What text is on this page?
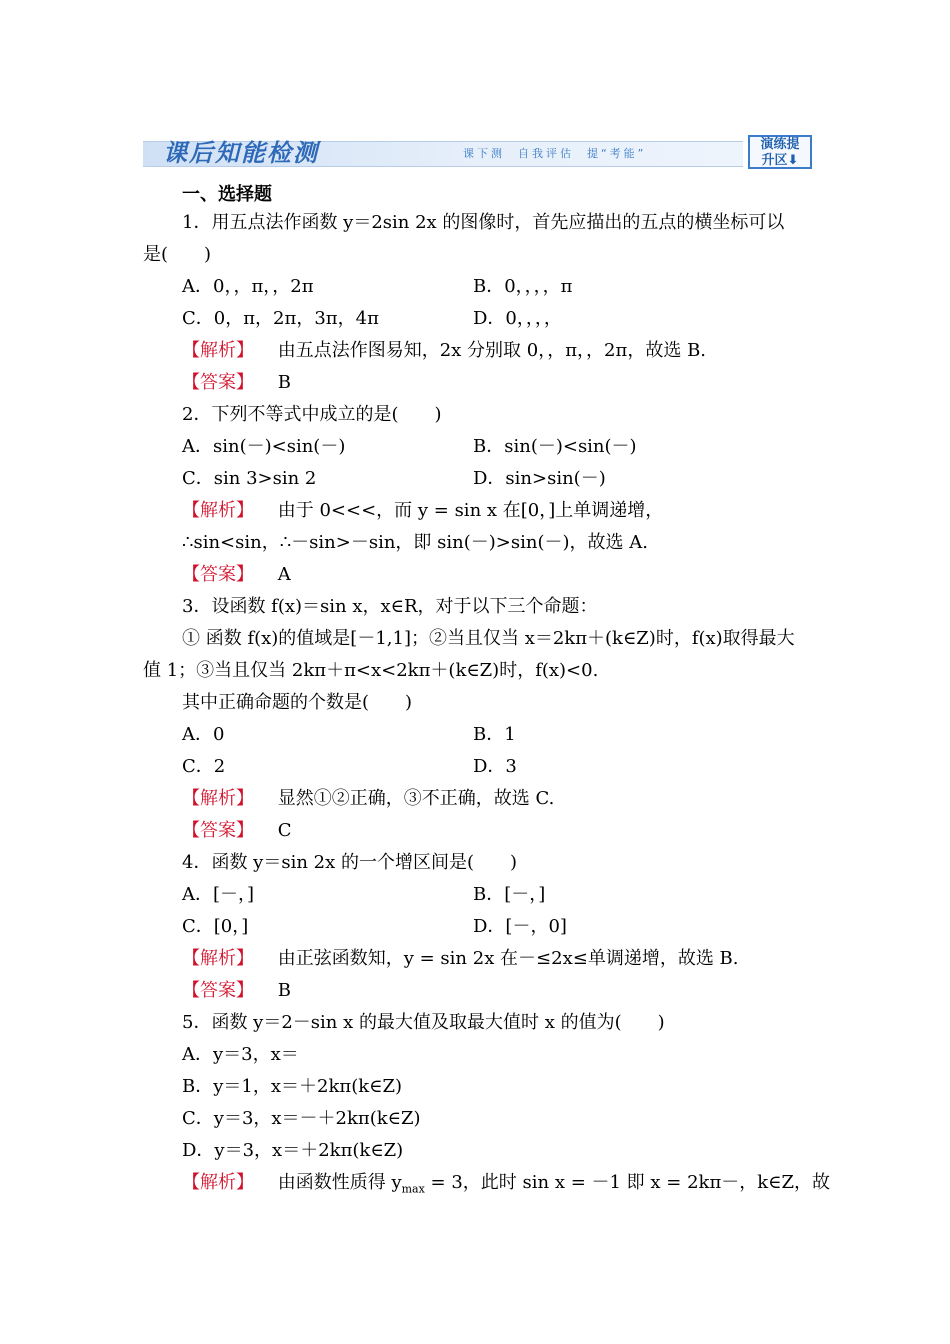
课后知能检测	课下测  自我评估  提“考能”
演练提
升区⬇
一、选择题
1．用五点法作函数 y＝2sin 2x 的图像时，首先应描出的五点的横坐标可以
是(　　)
A．0，，π，，2π	B．0，，，，π
C．0，π，2π，3π，4π	D．0，，，，
【解析】 由五点法作图易知，2x 分别取 0，，π，，2π，故选 B.
【答案】 B
2．下列不等式中成立的是(　　)
A．sin(－)<sin(－)	B．sin(－)<sin(－)
C．sin 3>sin 2	D．sin>sin(－)
【解析】 由于 0<<<，而 y = sin x 在[0，]上单调递增，
∴sin<sin，∴－sin>－sin，即 sin(－)>sin(－)，故选 A.
【答案】 A
3．设函数 f(x)＝sin x，x∈R，对于以下三个命题：
① 函数 f(x)的值域是[－1,1]；②当且仅当 x＝2kπ＋(k∈Z)时，f(x)取得最大
值 1；③当且仅当 2kπ＋π<x<2kπ＋(k∈Z)时，f(x)<0.
其中正确命题的个数是(　　)
A．0	B．1
C．2	D．3
【解析】 显然①②正确，③不正确，故选 C.
【答案】 C
4．函数 y＝sin 2x 的一个增区间是(　　)
A．[－，]	B．[－，]
C．[0，]	D．[－，0]
【解析】 由正弦函数知，y = sin 2x 在－≤2x≤单调递增，故选 B.
【答案】 B
5．函数 y＝2－sin x 的最大值及取最大值时 x 的值为(　　)
A．y＝3，x＝
B．y＝1，x＝＋2kπ(k∈Z)
C．y＝3，x＝－＋2kπ(k∈Z)
D．y＝3，x＝＋2kπ(k∈Z)
【解析】 由函数性质得 $y_{max} = 3$，此时 sin x = －1 即 x = 2kπ－，k∈Z，故
